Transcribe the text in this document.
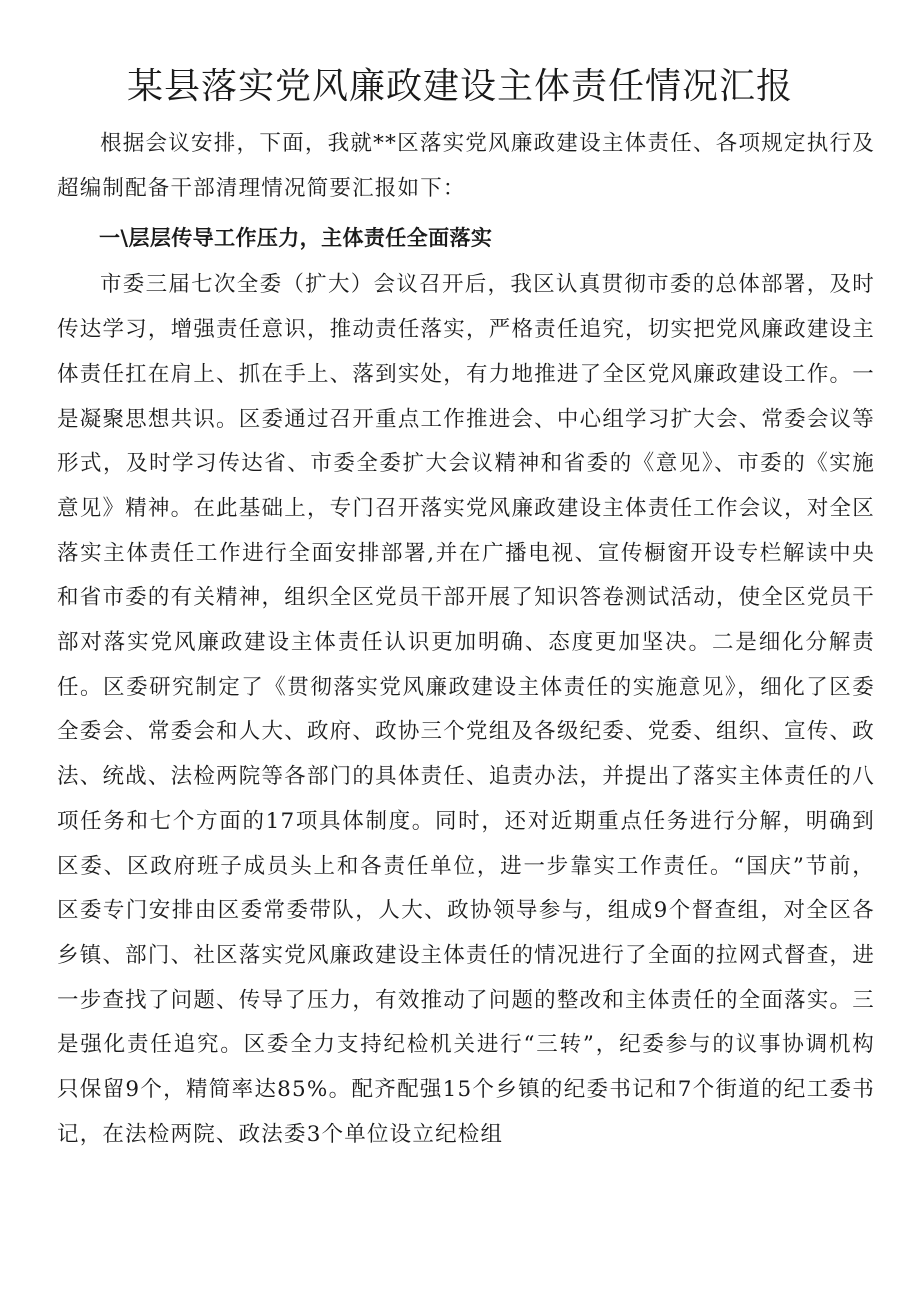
某县落实党风廉政建设主体责任情况汇报

根据会议安排，下面，我就**区落实党风廉政建设主体责任、各项规定执行及超编制配备干部清理情况简要汇报如下：

一\层层传导工作压力，主体责任全面落实

市委三届七次全委（扩大）会议召开后，我区认真贯彻市委的总体部署，及时传达学习，增强责任意识，推动责任落实，严格责任追究，切实把党风廉政建设主体责任扛在肩上、抓在手上、落到实处，有力地推进了全区党风廉政建设工作。一是凝聚思想共识。区委通过召开重点工作推进会、中心组学习扩大会、常委会议等形式，及时学习传达省、市委全委扩大会议精神和省委的《意见》、市委的《实施意见》精神。在此基础上，专门召开落实党风廉政建设主体责任工作会议，对全区落实主体责任工作进行全面安排部署,并在广播电视、宣传橱窗开设专栏解读中央和省市委的有关精神，组织全区党员干部开展了知识答卷测试活动，使全区党员干部对落实党风廉政建设主体责任认识更加明确、态度更加坚决。二是细化分解责任。区委研究制定了《贯彻落实党风廉政建设主体责任的实施意见》，细化了区委全委会、常委会和人大、政府、政协三个党组及各级纪委、党委、组织、宣传、政法、统战、法检两院等各部门的具体责任、追责办法，并提出了落实主体责任的八项任务和七个方面的17项具体制度。同时，还对近期重点任务进行分解，明确到区委、区政府班子成员头上和各责任单位，进一步靠实工作责任。“国庆”节前，区委专门安排由区委常委带队，人大、政协领导参与，组成9个督查组，对全区各乡镇、部门、社区落实党风廉政建设主体责任的情况进行了全面的拉网式督查，进一步查找了问题、传导了压力，有效推动了问题的整改和主体责任的全面落实。三是强化责任追究。区委全力支持纪检机关进行“三转”，纪委参与的议事协调机构只保留9个，精简率达85%。配齐配强15个乡镇的纪委书记和7个街道的纪工委书记，在法检两院、政法委3个单位设立纪检组
